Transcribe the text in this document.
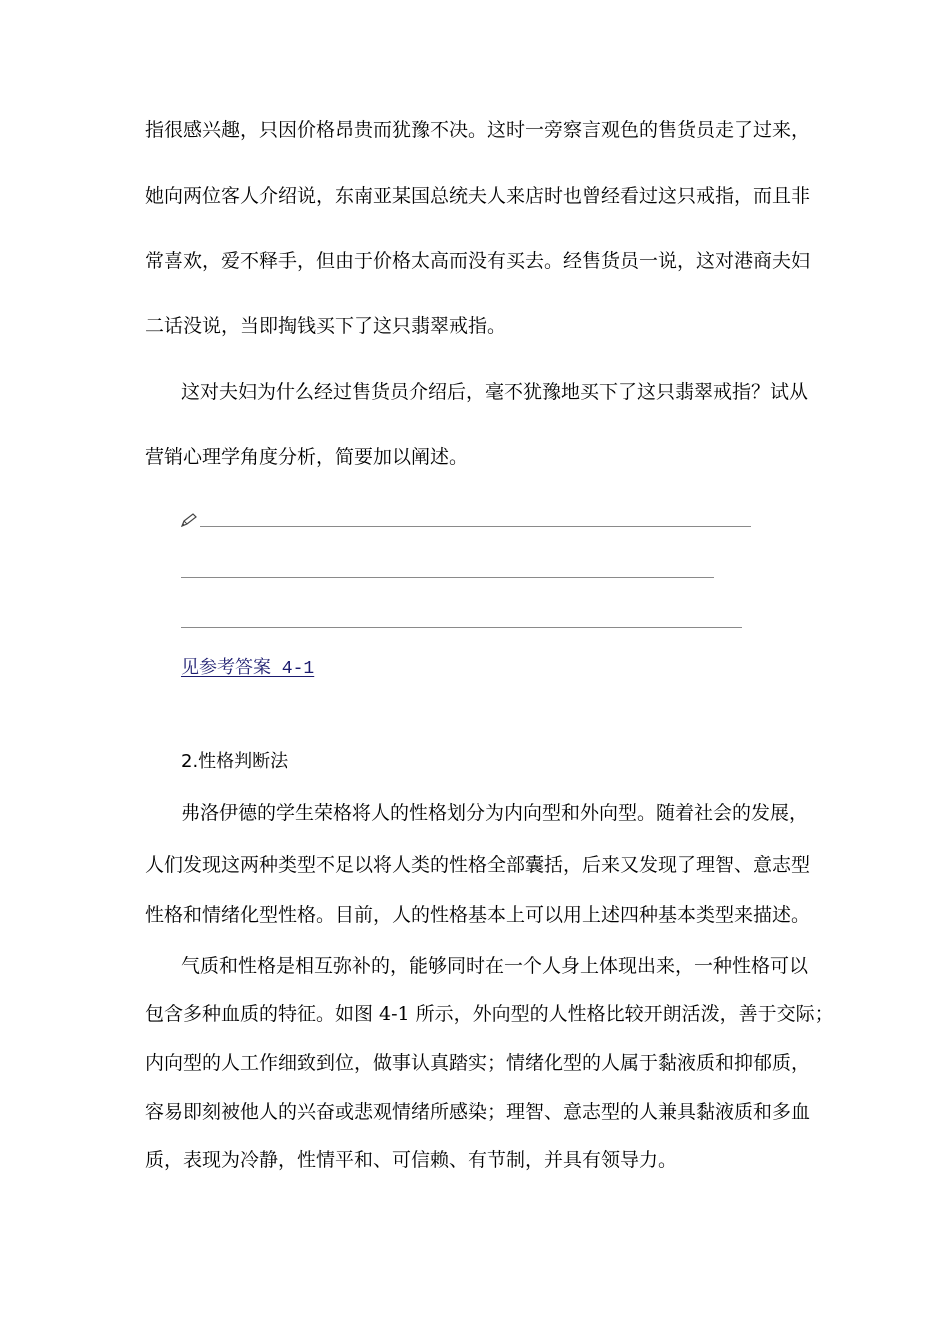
指很感兴趣，只因价格昂贵而犹豫不决。这时一旁察言观色的售货员走了过来，
她向两位客人介绍说，东南亚某国总统夫人来店时也曾经看过这只戒指，而且非
常喜欢，爱不释手，但由于价格太高而没有买去。经售货员一说，这对港商夫妇
二话没说，当即掏钱买下了这只翡翠戒指。
这对夫妇为什么经过售货员介绍后，毫不犹豫地买下了这只翡翠戒指？试从
营销心理学角度分析，简要加以阐述。
见参考答案 4-1
2.性格判断法
弗洛伊德的学生荣格将人的性格划分为内向型和外向型。随着社会的发展，
人们发现这两种类型不足以将人类的性格全部囊括，后来又发现了理智、意志型
性格和情绪化型性格。目前，人的性格基本上可以用上述四种基本类型来描述。
气质和性格是相互弥补的，能够同时在一个人身上体现出来，一种性格可以
包含多种血质的特征。如图 4-1 所示，外向型的人性格比较开朗活泼，善于交际；
内向型的人工作细致到位，做事认真踏实；情绪化型的人属于黏液质和抑郁质，
容易即刻被他人的兴奋或悲观情绪所感染；理智、意志型的人兼具黏液质和多血
质，表现为冷静，性情平和、可信赖、有节制，并具有领导力。
